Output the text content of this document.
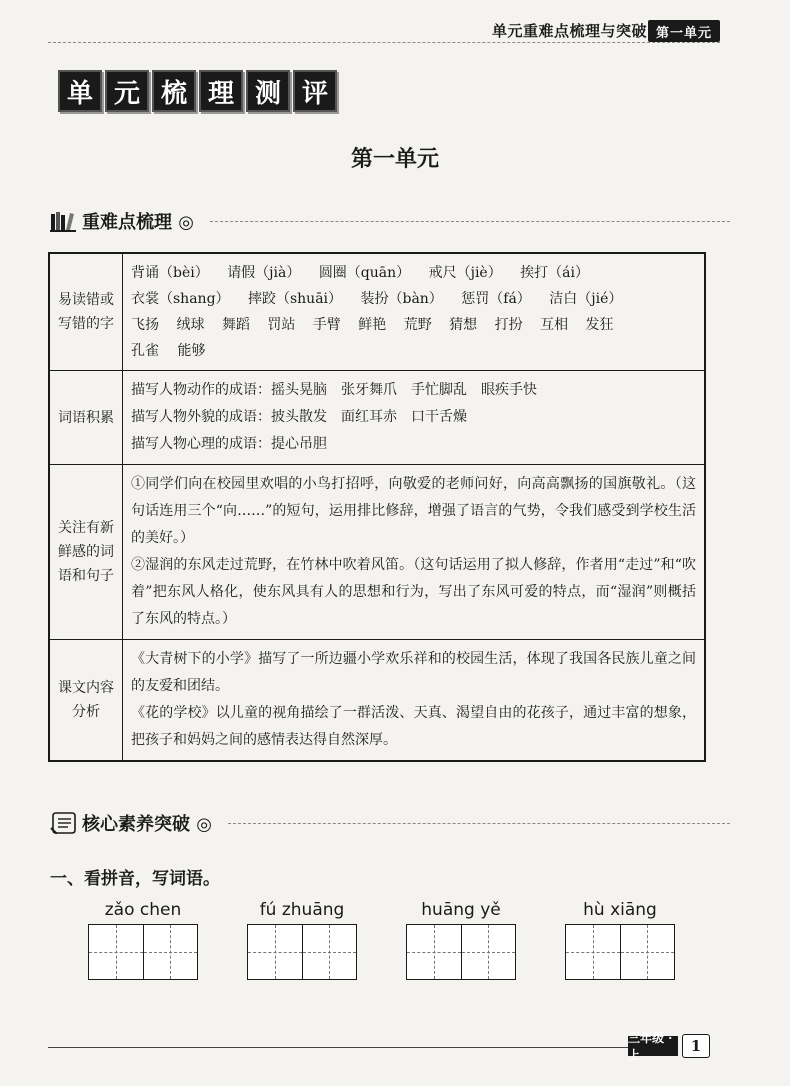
单元重难点梳理与突破 第一单元
单 元 梳 理 测 评
第一单元
重难点梳理 ◎
易读错或写错的字	背诵（bèi） 请假（jià） 圆圈（quān） 戒尺（jiè） 挨打（ái）
衣裳（shang） 摔跤（shuāi） 装扮（bàn） 惩罚（fá） 洁白（jié）
飞扬 绒球 舞蹈 罚站 手臂 鲜艳 荒野 猜想 打扮 互相 发狂
孔雀 能够

词语积累	描写人物动作的成语：摇头晃脑　张牙舞爪　手忙脚乱　眼疾手快
描写人物外貌的成语：披头散发　面红耳赤　口干舌燥
描写人物心理的成语：提心吊胆

关注有新鲜感的词语和句子	①同学们向在校园里欢唱的小鸟打招呼，向敬爱的老师问好，向高高飘扬的国旗敬礼。（这句话连用三个“向……”的短句，运用排比修辞，增强了语言的气势，令我们感受到学校生活的美好。）
②湿润的东风走过荒野，在竹林中吹着风笛。（这句话运用了拟人修辞，作者用“走过”和“吹着”把东风人格化，使东风具有人的思想和行为，写出了东风可爱的特点，而“湿润”则概括了东风的特点。）

课文内容分析	《大青树下的小学》描写了一所边疆小学欢乐祥和的校园生活，体现了我国各民族儿童之间的友爱和团结。
《花的学校》以儿童的视角描绘了一群活泼、天真、渴望自由的花孩子，通过丰富的想象，把孩子和妈妈之间的感情表达得自然深厚。
核心素养突破 ◎
一、看拼音，写词语。
zǎo chen	fú zhuāng	huāng yě	hù xiāng
三年级 · 上	1
